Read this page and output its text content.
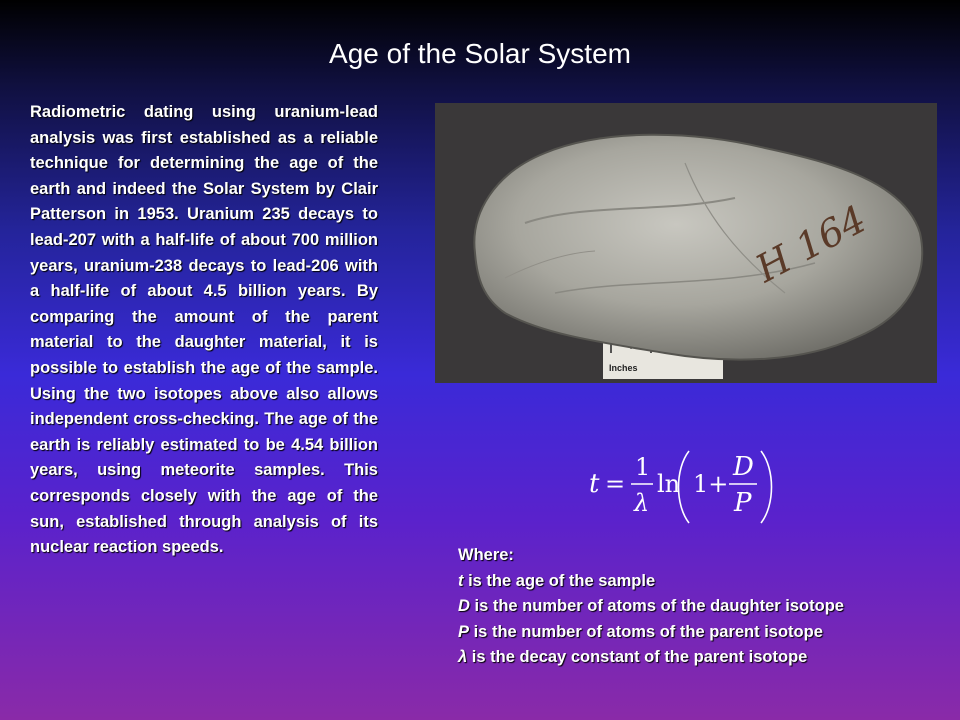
Age of the Solar System
Radiometric dating using uranium-lead analysis was first established as a reliable technique for determining the age of the earth and indeed the Solar System by Clair Patterson in 1953. Uranium 235 decays to lead-207 with a half-life of about 700 million years, uranium-238 decays to lead-206 with a half-life of about 4.5 billion years. By comparing the amount of the parent material to the daughter material, it is possible to establish the age of the sample. Using the two isotopes above also allows independent cross-checking. The age of the earth is reliably estimated to be 4.54 billion years, using meteorite samples. This corresponds closely with the age of the sun, established through analysis of its nuclear reaction speeds.
Inches
H 164
t =
1
λ
ln 1+
D
P
Where:
t is the age of the sample
D is the number of atoms of the daughter isotope
P is the number of atoms of the parent isotope
λ is the decay constant of the parent isotope
